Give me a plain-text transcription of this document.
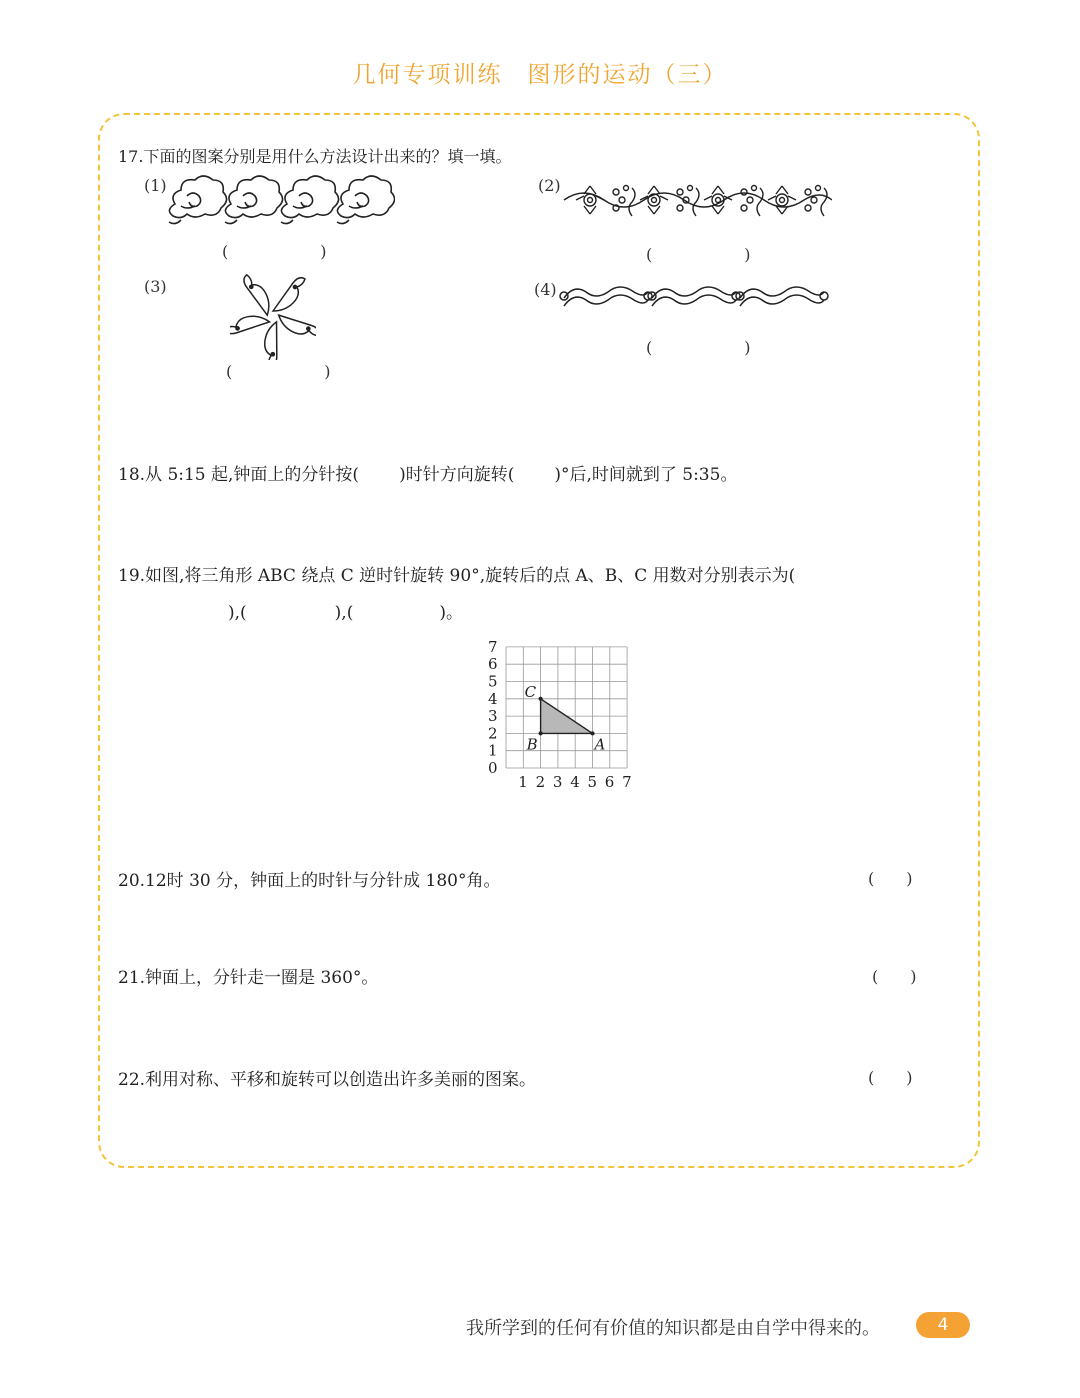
几何专项训练　图形的运动（三）
17.下面的图案分别是用什么方法设计出来的？填一填。
(1)	(2)
(3)	(4)
(	)	(	)
(	)
(	)
18.从 5:15 起,钟面上的分针按( )时针方向旋转( )°后,时间就到了 5:35。
19.如图,将三角形 ABC 绕点 C 逆时针旋转 90°,旋转后的点 A、B、C 用数对分别表示为(
),(	),(	)。
7
6
5
4
3
2
1
0
1 2 3 4 5 6 7
C
B	A
20.12时 30 分，钟面上的时针与分针成 180°角。	(　　)
21.钟面上，分针走一圈是 360°。	(　　)
22.利用对称、平移和旋转可以创造出许多美丽的图案。	(　　)
我所学到的任何有价值的知识都是由自学中得来的。	4
